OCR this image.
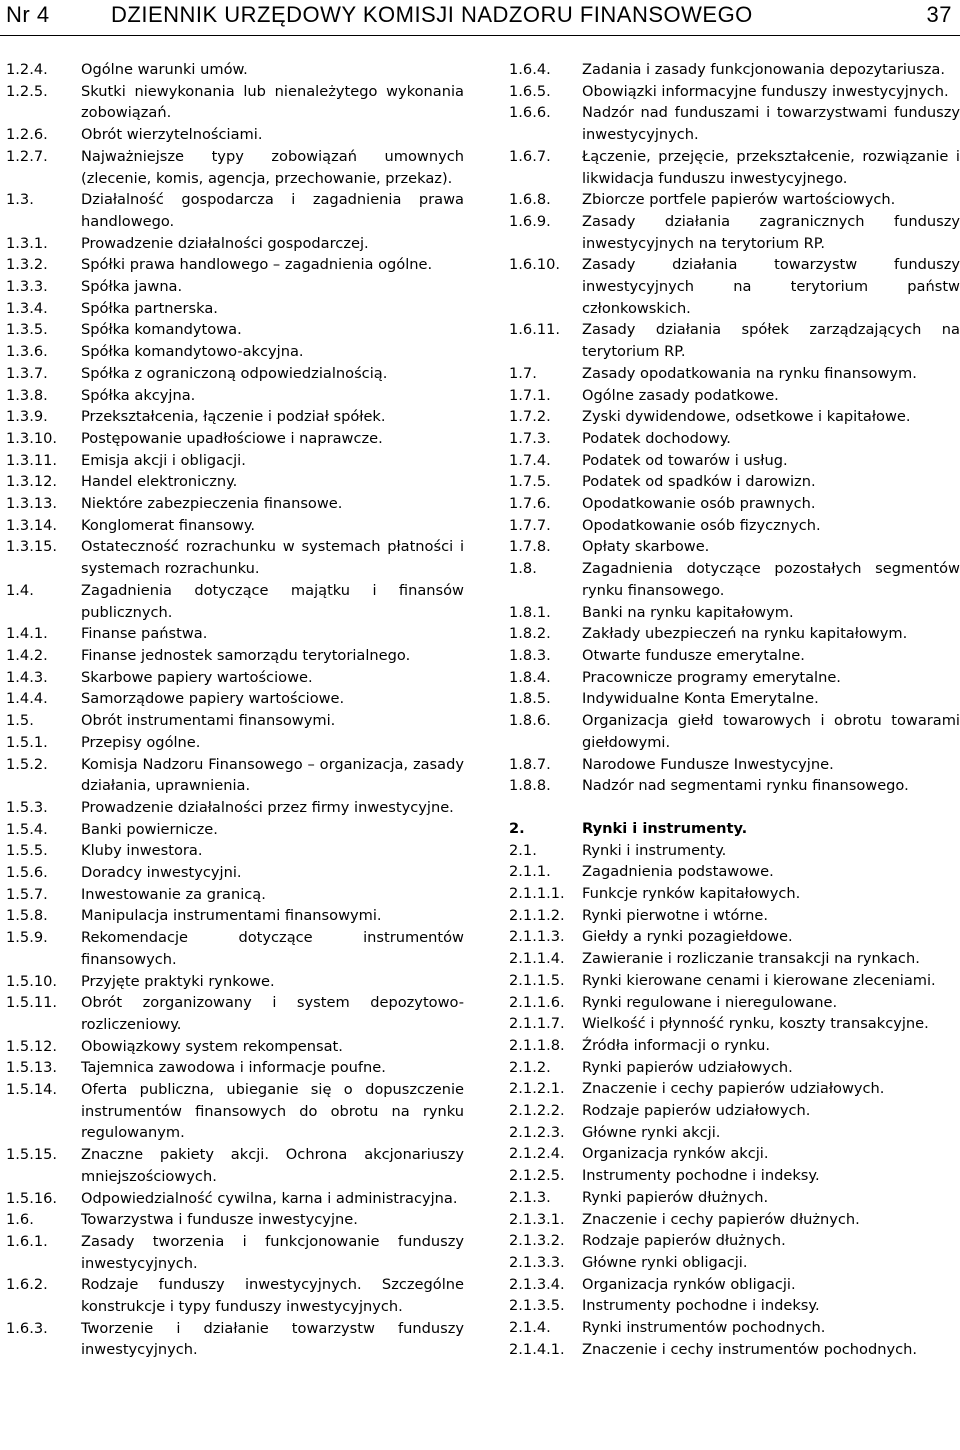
Nr 4	DZIENNIK URZĘDOWY KOMISJI NADZORU FINANSOWEGO	37
1.2.4.	Ogólne warunki umów.
1.2.5.	Skutki niewykonania lub nienależytego wykonania zobowiązań.
1.2.6.	Obrót wierzytelnościami.
1.2.7.	Najważniejsze typy zobowiązań umownych (zlecenie, komis, agencja, przechowanie, przekaz).
1.3.	Działalność gospodarcza i zagadnienia prawa handlowego.
1.3.1.	Prowadzenie działalności gospodarczej.
1.3.2.	Spółki prawa handlowego – zagadnienia ogólne.
1.3.3.	Spółka jawna.
1.3.4.	Spółka partnerska.
1.3.5.	Spółka komandytowa.
1.3.6.	Spółka komandytowo-akcyjna.
1.3.7.	Spółka z ograniczoną odpowiedzialnością.
1.3.8.	Spółka akcyjna.
1.3.9.	Przekształcenia, łączenie i podział spółek.
1.3.10.	Postępowanie upadłościowe i naprawcze.
1.3.11.	Emisja akcji i obligacji.
1.3.12.	Handel elektroniczny.
1.3.13.	Niektóre zabezpieczenia finansowe.
1.3.14.	Konglomerat finansowy.
1.3.15.	Ostateczność rozrachunku w systemach płatności i systemach rozrachunku.
1.4.	Zagadnienia dotyczące majątku i finansów publicznych.
1.4.1.	Finanse państwa.
1.4.2.	Finanse jednostek samorządu terytorialnego.
1.4.3.	Skarbowe papiery wartościowe.
1.4.4.	Samorządowe papiery wartościowe.
1.5.	Obrót instrumentami finansowymi.
1.5.1.	Przepisy ogólne.
1.5.2.	Komisja Nadzoru Finansowego – organizacja, zasady działania, uprawnienia.
1.5.3.	Prowadzenie działalności przez firmy inwestycyjne.
1.5.4.	Banki powiernicze.
1.5.5.	Kluby inwestora.
1.5.6.	Doradcy inwestycyjni.
1.5.7.	Inwestowanie za granicą.
1.5.8.	Manipulacja instrumentami finansowymi.
1.5.9.	Rekomendacje dotyczące instrumentów finansowych.
1.5.10.	Przyjęte praktyki rynkowe.
1.5.11.	Obrót zorganizowany i system depozytowo-rozliczeniowy.
1.5.12.	Obowiązkowy system rekompensat.
1.5.13.	Tajemnica zawodowa i informacje poufne.
1.5.14.	Oferta publiczna, ubieganie się o dopuszczenie instrumentów finansowych do obrotu na rynku regulowanym.
1.5.15.	Znaczne pakiety akcji. Ochrona akcjonariuszy mniejszościowych.
1.5.16.	Odpowiedzialność cywilna, karna i administracyjna.
1.6.	Towarzystwa i fundusze inwestycyjne.
1.6.1.	Zasady tworzenia i funkcjonowanie funduszy inwestycyjnych.
1.6.2.	Rodzaje funduszy inwestycyjnych. Szczególne konstrukcje i typy funduszy inwestycyjnych.
1.6.3.	Tworzenie i działanie towarzystw funduszy inwestycyjnych.
1.6.4.	Zadania i zasady funkcjonowania depozytariusza.
1.6.5.	Obowiązki informacyjne funduszy inwestycyjnych.
1.6.6.	Nadzór nad funduszami i towarzystwami funduszy inwestycyjnych.
1.6.7.	Łączenie, przejęcie, przekształcenie, rozwiązanie i likwidacja funduszu inwestycyjnego.
1.6.8.	Zbiorcze portfele papierów wartościowych.
1.6.9.	Zasady działania zagranicznych funduszy inwestycyjnych na terytorium RP.
1.6.10.	Zasady działania towarzystw funduszy inwestycyjnych na terytorium państw członkowskich.
1.6.11.	Zasady działania spółek zarządzających na terytorium RP.
1.7.	Zasady opodatkowania na rynku finansowym.
1.7.1.	Ogólne zasady podatkowe.
1.7.2.	Zyski dywidendowe, odsetkowe i kapitałowe.
1.7.3.	Podatek dochodowy.
1.7.4.	Podatek od towarów i usług.
1.7.5.	Podatek od spadków i darowizn.
1.7.6.	Opodatkowanie osób prawnych.
1.7.7.	Opodatkowanie osób fizycznych.
1.7.8.	Opłaty skarbowe.
1.8.	Zagadnienia dotyczące pozostałych segmentów rynku finansowego.
1.8.1.	Banki na rynku kapitałowym.
1.8.2.	Zakłady ubezpieczeń na rynku kapitałowym.
1.8.3.	Otwarte fundusze emerytalne.
1.8.4.	Pracownicze programy emerytalne.
1.8.5.	Indywidualne Konta Emerytalne.
1.8.6.	Organizacja giełd towarowych i obrotu towarami giełdowymi.
1.8.7.	Narodowe Fundusze Inwestycyjne.
1.8.8.	Nadzór nad segmentami rynku finansowego.
2.	Rynki i instrumenty.
2.1.	Rynki i instrumenty.
2.1.1.	Zagadnienia podstawowe.
2.1.1.1.	Funkcje rynków kapitałowych.
2.1.1.2.	Rynki pierwotne i wtórne.
2.1.1.3.	Giełdy a rynki pozagiełdowe.
2.1.1.4.	Zawieranie i rozliczanie transakcji na rynkach.
2.1.1.5.	Rynki kierowane cenami i kierowane zleceniami.
2.1.1.6.	Rynki regulowane i nieregulowane.
2.1.1.7.	Wielkość i płynność rynku, koszty transakcyjne.
2.1.1.8.	Źródła informacji o rynku.
2.1.2.	Rynki papierów udziałowych.
2.1.2.1.	Znaczenie i cechy papierów udziałowych.
2.1.2.2.	Rodzaje papierów udziałowych.
2.1.2.3.	Główne rynki akcji.
2.1.2.4.	Organizacja rynków akcji.
2.1.2.5.	Instrumenty pochodne i indeksy.
2.1.3.	Rynki papierów dłużnych.
2.1.3.1.	Znaczenie i cechy papierów dłużnych.
2.1.3.2.	Rodzaje papierów dłużnych.
2.1.3.3.	Główne rynki obligacji.
2.1.3.4.	Organizacja rynków obligacji.
2.1.3.5.	Instrumenty pochodne i indeksy.
2.1.4.	Rynki instrumentów pochodnych.
2.1.4.1.	Znaczenie i cechy instrumentów pochodnych.
